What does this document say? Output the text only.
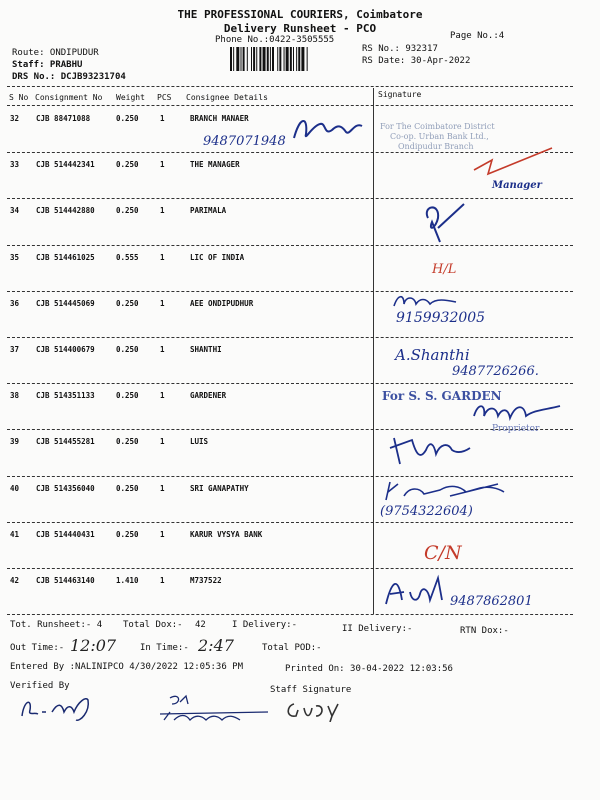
THE PROFESSIONAL COURIERS, Coimbatore
Delivery Runsheet - PCO
Phone No.:0422-3505555	Page No.:4
Route: ONDIPUDUR
Staff: PRABHU
DRS No.: DCJB93231704
RS No.: 932317
RS Date: 30-Apr-2022
S No Consignment No Weight PCS Consignee Details	Signature
32 CJB 88471088	0.250	1	BRANCH MANAER
33 CJB 514442341	0.250	1	THE MANAGER
34 CJB 514442880	0.250	1	PARIMALA
35 CJB 514461025	0.555	1	LIC OF INDIA
36 CJB 514445069	0.250	1	AEE ONDIPUDHUR
37 CJB 514400679	0.250	1	SHANTHI
38 CJB 514351133	0.250	1	GARDENER
39 CJB 514455281	0.250	1	LUIS
40 CJB 514356040	0.250	1	SRI GANAPATHY
41 CJB 514440431	0.250	1	KARUR VYSYA BANK
42 CJB 514463140	1.410	1	M737522
9487071948
For The Coimbatore District
Co-op. Urban Bank Ltd.,
Ondipudur Branch
Manager
H/L
9159932005
A.Shanthi
9487726266.
For S. S. GARDEN
Proprietor
(9754322604)
C/N
9487862801
Tot. Runsheet:- 4 Total Dox:- 42	I Delivery:-	II Delivery:-	RTN Dox:-
Out Time:- 12:07	In Time:- 2:47	Total POD:-
Entered By :NALINIPCO 4/30/2022 12:05:36 PM	Printed On: 30-04-2022 12:03:56
Verified By	Staff Signature
